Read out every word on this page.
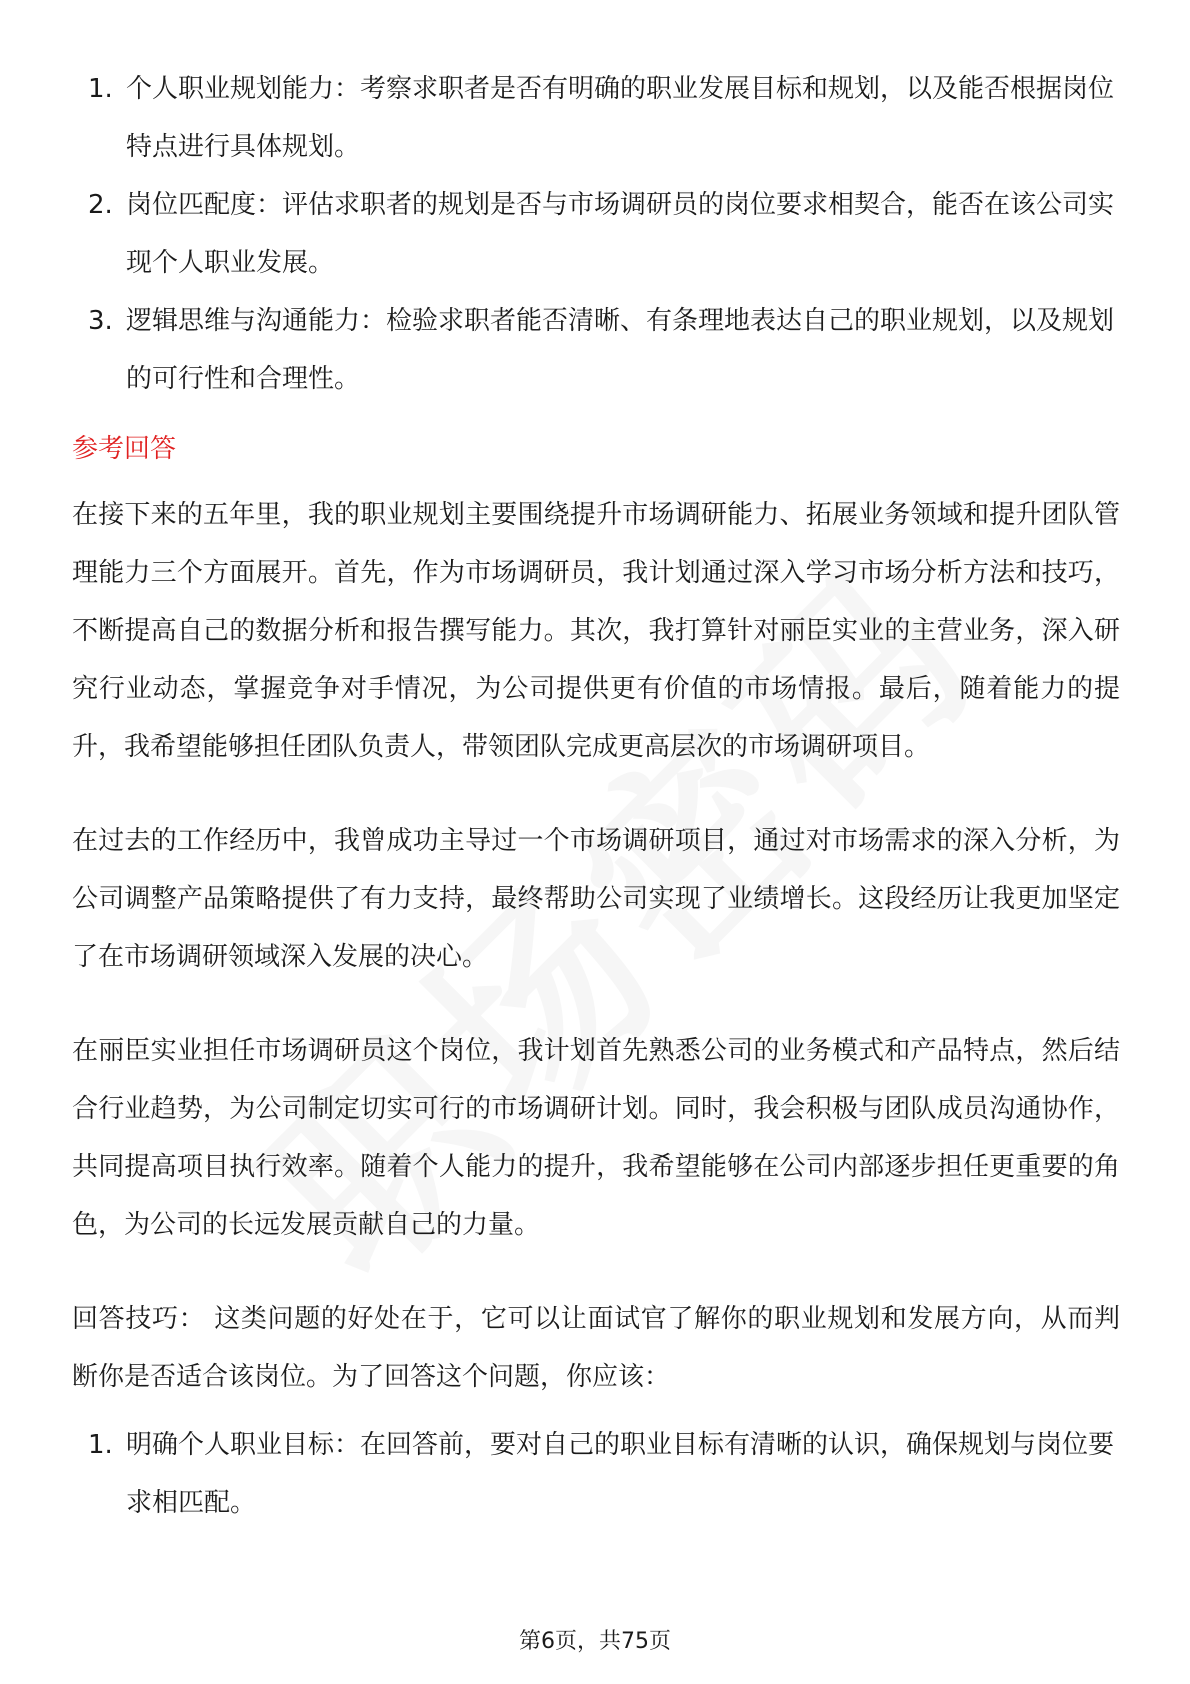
1. 个人职业规划能力：考察求职者是否有明确的职业发展目标和规划，以及能否根据岗位特点进行具体规划。
2. 岗位匹配度：评估求职者的规划是否与市场调研员的岗位要求相契合，能否在该公司实现个人职业发展。
3. 逻辑思维与沟通能力：检验求职者能否清晰、有条理地表达自己的职业规划，以及规划的可行性和合理性。
参考回答

在接下来的五年里，我的职业规划主要围绕提升市场调研能力、拓展业务领域和提升团队管理能力三个方面展开。首先，作为市场调研员，我计划通过深入学习市场分析方法和技巧，不断提高自己的数据分析和报告撰写能力。其次，我打算针对丽臣实业的主营业务，深入研究行业动态，掌握竞争对手情况，为公司提供更有价值的市场情报。最后，随着能力的提升，我希望能够担任团队负责人，带领团队完成更高层次的市场调研项目。

在过去的工作经历中，我曾成功主导过一个市场调研项目，通过对市场需求的深入分析，为公司调整产品策略提供了有力支持，最终帮助公司实现了业绩增长。这段经历让我更加坚定了在市场调研领域深入发展的决心。

在丽臣实业担任市场调研员这个岗位，我计划首先熟悉公司的业务模式和产品特点，然后结合行业趋势，为公司制定切实可行的市场调研计划。同时，我会积极与团队成员沟通协作，共同提高项目执行效率。随着个人能力的提升，我希望能够在公司内部逐步担任更重要的角色，为公司的长远发展贡献自己的力量。

回答技巧： 这类问题的好处在于，它可以让面试官了解你的职业规划和发展方向，从而判断你是否适合该岗位。为了回答这个问题，你应该：

1. 明确个人职业目标：在回答前，要对自己的职业目标有清晰的认识，确保规划与岗位要求相匹配。
第6页，共75页
